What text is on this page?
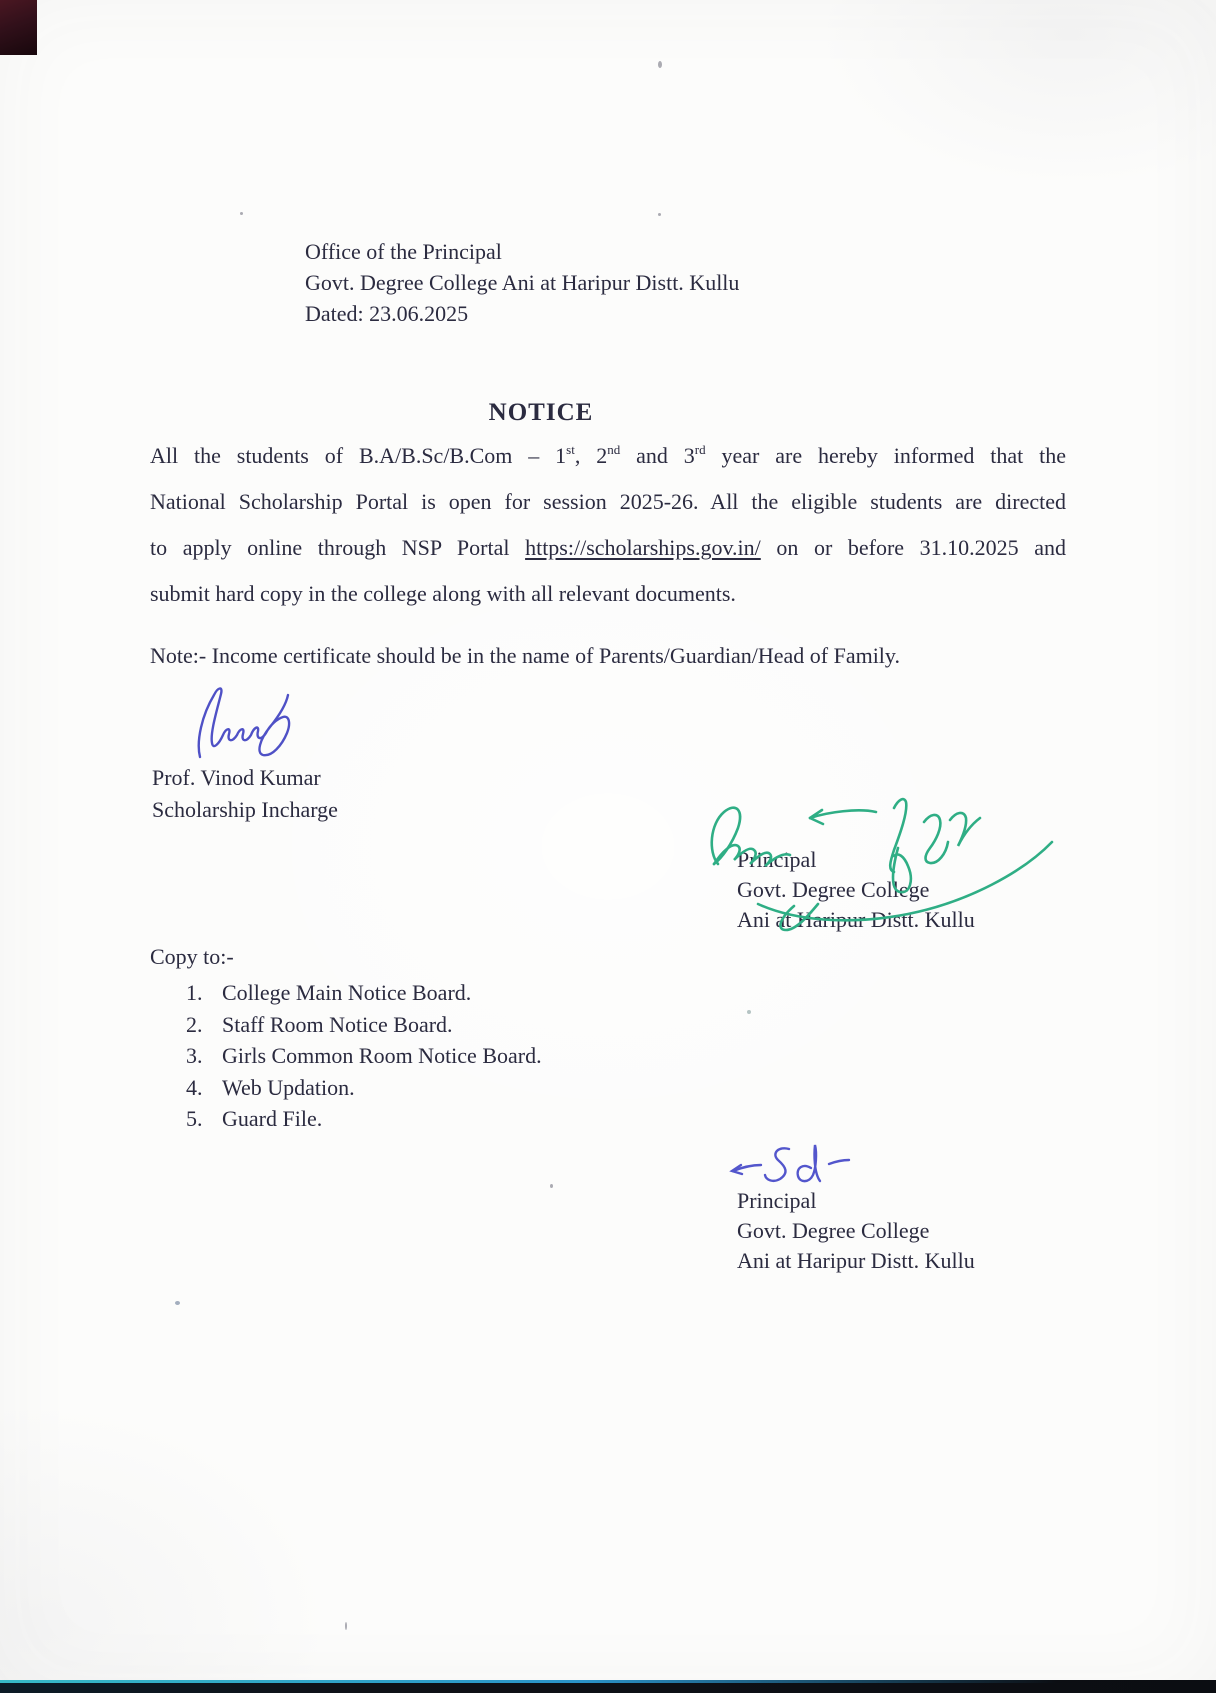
Office of the Principal
Govt. Degree College Ani at Haripur Distt. Kullu
Dated: 23.06.2025
NOTICE
All the students of B.A/B.Sc/B.Com – 1st, 2nd and 3rd year are hereby informed that the
National Scholarship Portal is open for session 2025-26. All the eligible students are directed
to apply online through NSP Portal https://scholarships.gov.in/ on or before 31.10.2025 and
submit hard copy in the college along with all relevant documents.
Note:- Income certificate should be in the name of Parents/Guardian/Head of Family.
Prof. Vinod Kumar
Scholarship Incharge
Principal
Govt. Degree College
Ani at Haripur Distt. Kullu
Copy to:-
1. College Main Notice Board.
2. Staff Room Notice Board.
3. Girls Common Room Notice Board.
4. Web Updation.
5. Guard File.
Principal
Govt. Degree College
Ani at Haripur Distt. Kullu
